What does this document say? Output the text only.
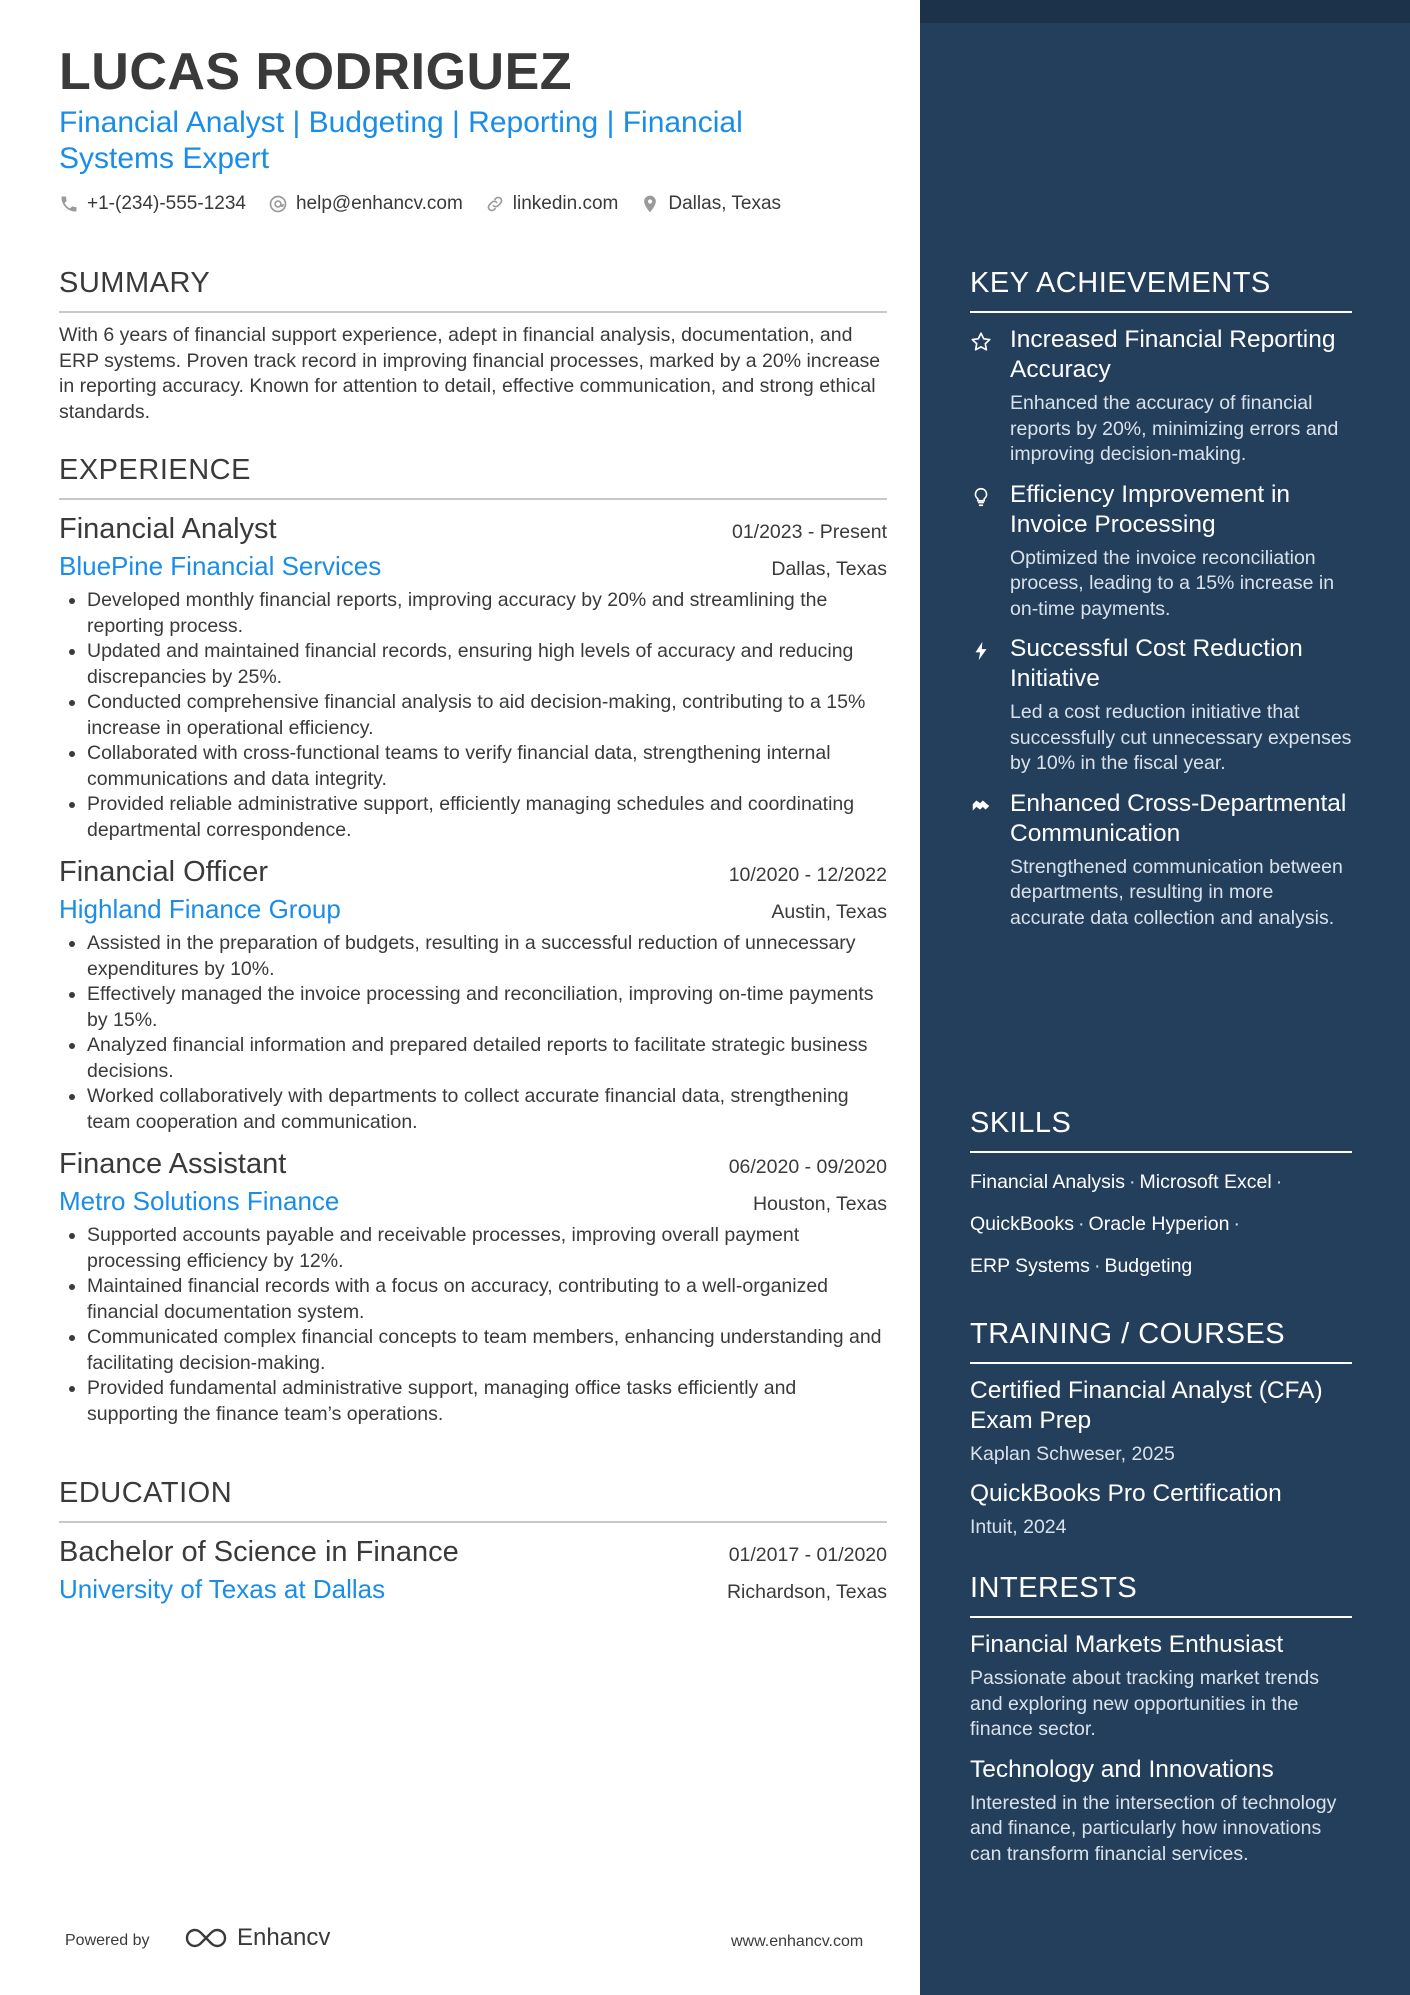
LUCAS RODRIGUEZ

Financial Analyst | Budgeting | Reporting | Financial Systems Expert

+1-(234)-555-1234	help@enhancv.com	linkedin.com	Dallas, Texas
SUMMARY
With 6 years of financial support experience, adept in financial analysis, documentation, and ERP systems. Proven track record in improving financial processes, marked by a 20% increase in reporting accuracy. Known for attention to detail, effective communication, and strong ethical standards.
EXPERIENCE
Financial Analyst	01/2023 - Present
BluePine Financial Services	Dallas, Texas
• Developed monthly financial reports, improving accuracy by 20% and streamlining the reporting process.
• Updated and maintained financial records, ensuring high levels of accuracy and reducing discrepancies by 25%.
• Conducted comprehensive financial analysis to aid decision-making, contributing to a 15% increase in operational efficiency.
• Collaborated with cross-functional teams to verify financial data, strengthening internal communications and data integrity.
• Provided reliable administrative support, efficiently managing schedules and coordinating departmental correspondence.
Financial Officer	10/2020 - 12/2022
Highland Finance Group	Austin, Texas
• Assisted in the preparation of budgets, resulting in a successful reduction of unnecessary expenditures by 10%.
• Effectively managed the invoice processing and reconciliation, improving on-time payments by 15%.
• Analyzed financial information and prepared detailed reports to facilitate strategic business decisions.
• Worked collaboratively with departments to collect accurate financial data, strengthening team cooperation and communication.
Finance Assistant	06/2020 - 09/2020
Metro Solutions Finance	Houston, Texas
• Supported accounts payable and receivable processes, improving overall payment processing efficiency by 12%.
• Maintained financial records with a focus on accuracy, contributing to a well-organized financial documentation system.
• Communicated complex financial concepts to team members, enhancing understanding and facilitating decision-making.
• Provided fundamental administrative support, managing office tasks efficiently and supporting the finance team’s operations.
EDUCATION
Bachelor of Science in Finance	01/2017 - 01/2020
University of Texas at Dallas	Richardson, Texas
Powered by	Enhancv	www.enhancv.com
KEY ACHIEVEMENTS
Increased Financial Reporting Accuracy
Enhanced the accuracy of financial reports by 20%, minimizing errors and improving decision-making.
Efficiency Improvement in Invoice Processing
Optimized the invoice reconciliation process, leading to a 15% increase in on-time payments.
Successful Cost Reduction Initiative
Led a cost reduction initiative that successfully cut unnecessary expenses by 10% in the fiscal year.
Enhanced Cross-Departmental Communication
Strengthened communication between departments, resulting in more accurate data collection and analysis.
SKILLS
Financial Analysis · Microsoft Excel ·
QuickBooks · Oracle Hyperion ·
ERP Systems · Budgeting
TRAINING / COURSES
Certified Financial Analyst (CFA) Exam Prep
Kaplan Schweser, 2025
QuickBooks Pro Certification
Intuit, 2024
INTERESTS
Financial Markets Enthusiast
Passionate about tracking market trends and exploring new opportunities in the finance sector.
Technology and Innovations
Interested in the intersection of technology and finance, particularly how innovations can transform financial services.
